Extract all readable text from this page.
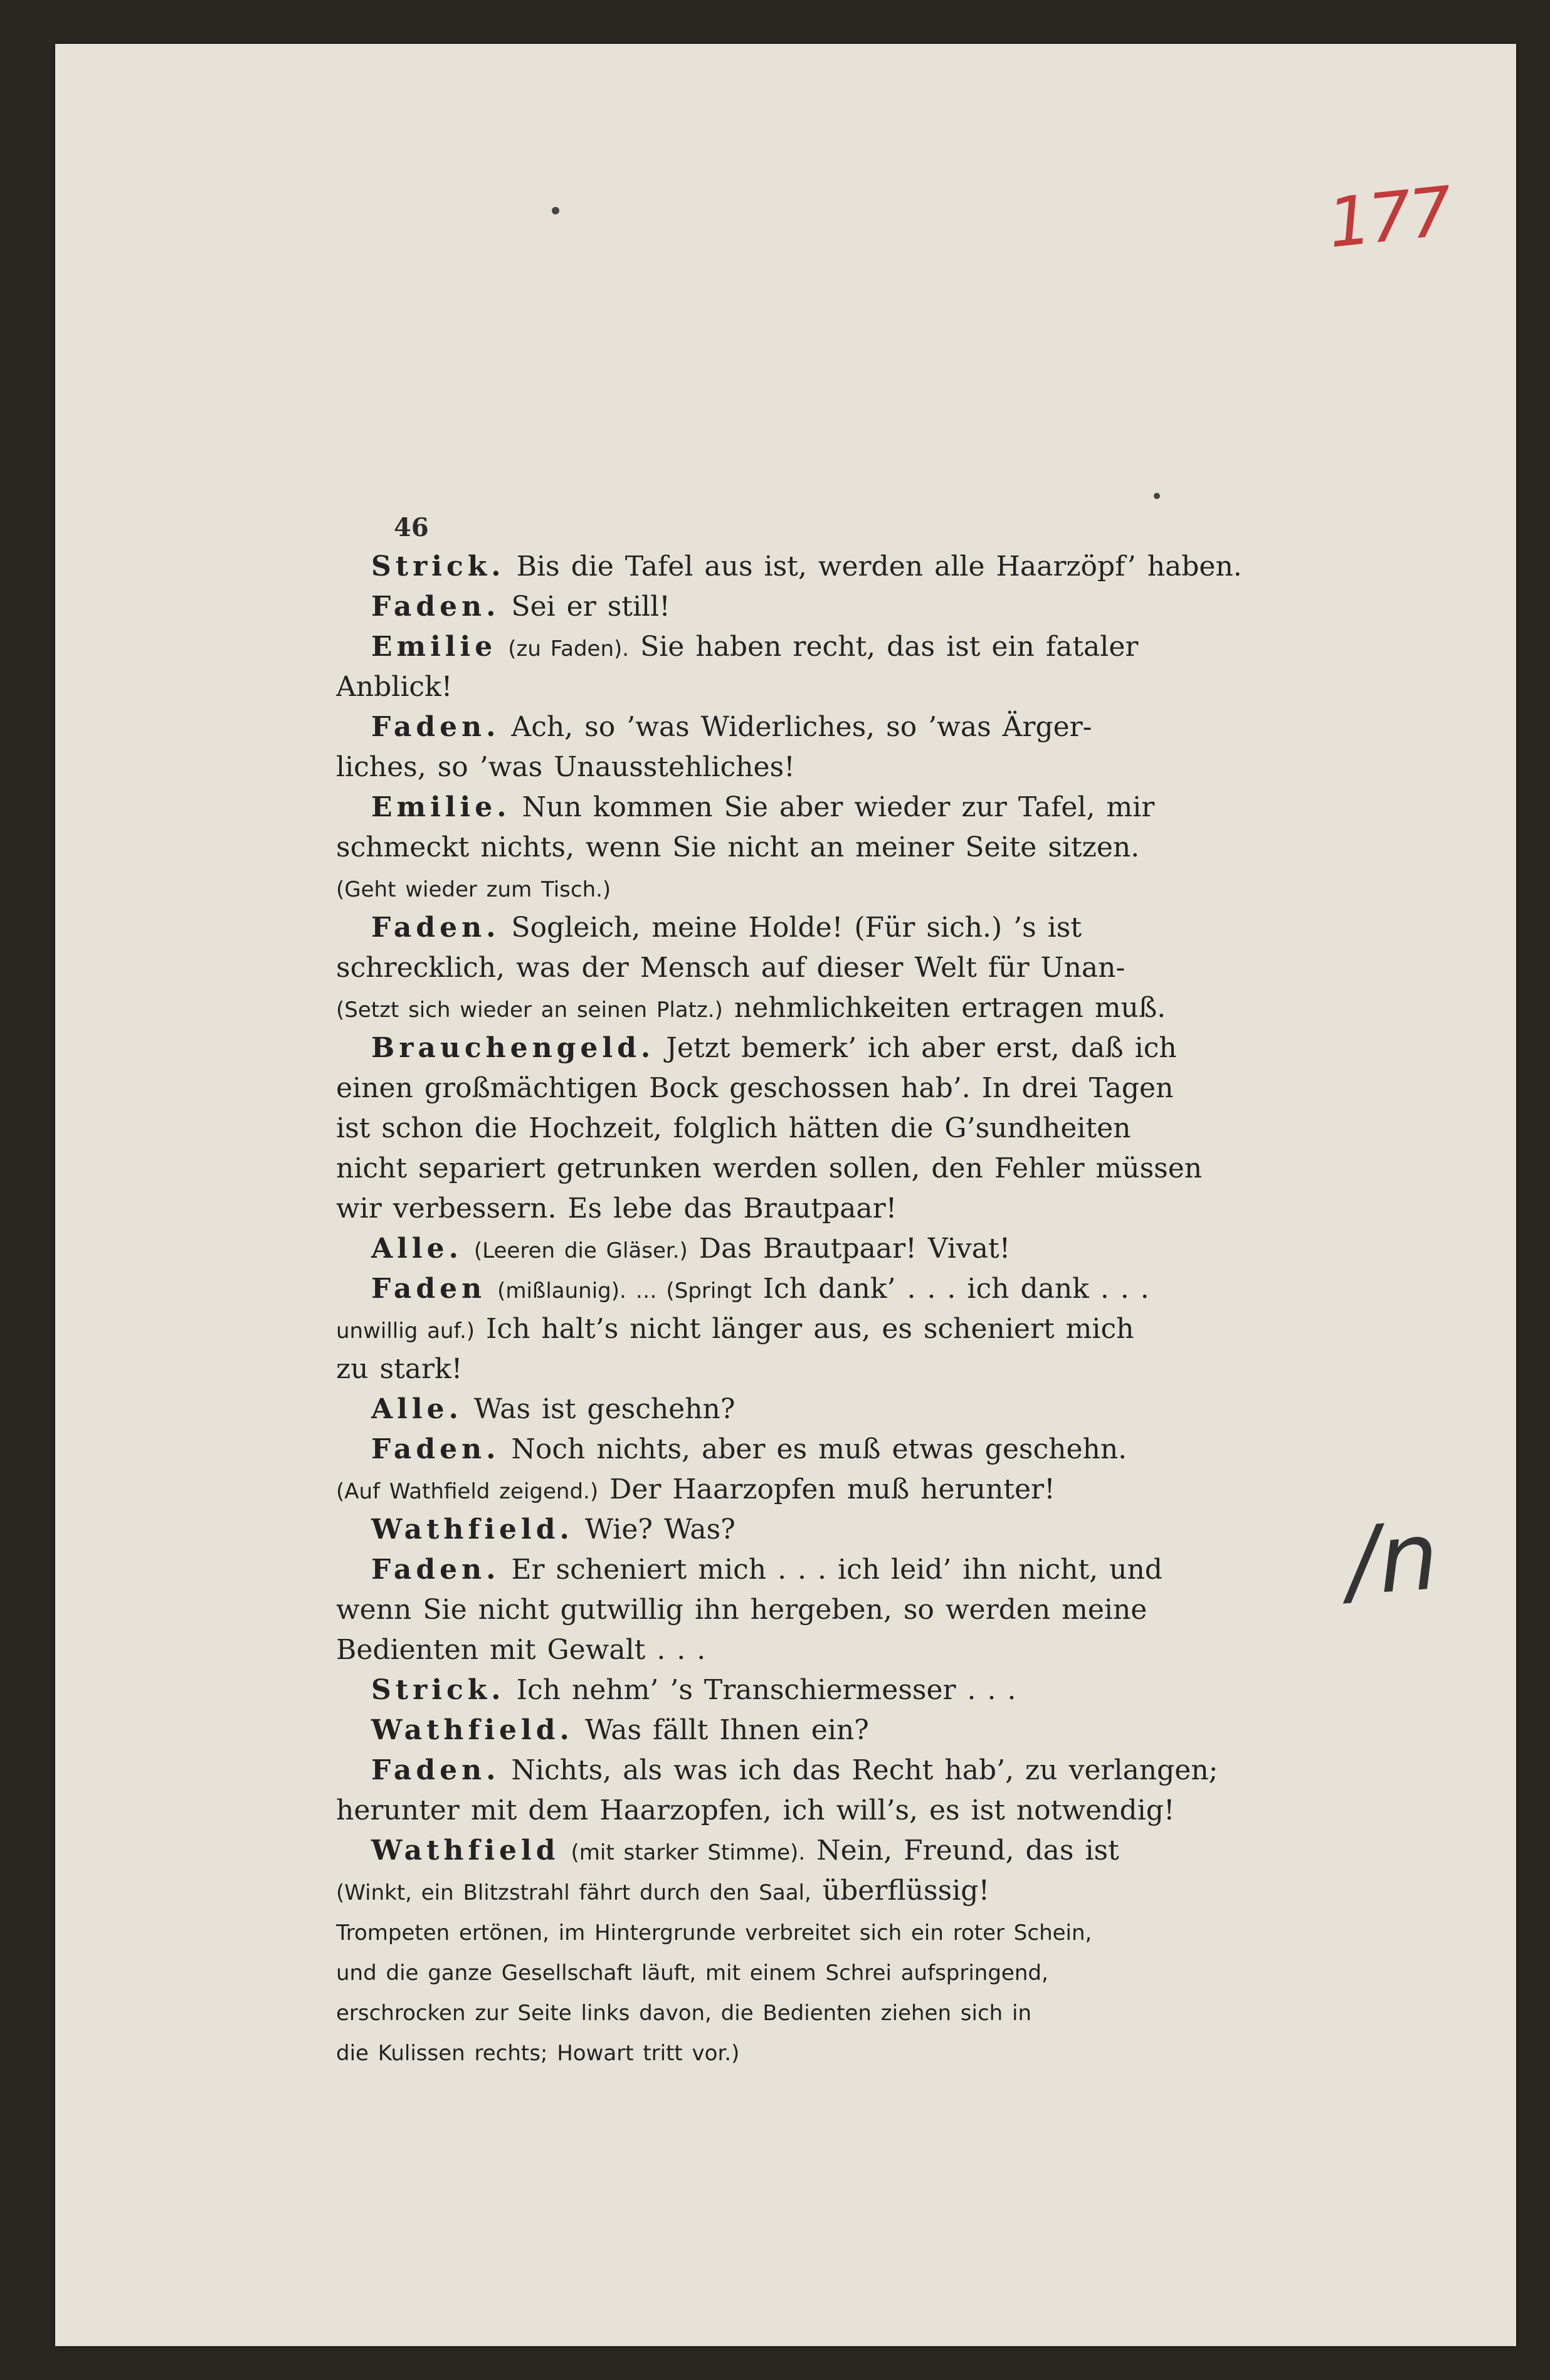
177
46
/n
Strick. Bis die Tafel aus ist, werden alle Haarzöpf’ haben.
Faden. Sei er still!
Emilie (zu Faden). Sie haben recht, das ist ein fataler
Anblick!
Faden. Ach, so ’was Widerliches, so ’was Ärger-
liches, so ’was Unausstehliches!
Emilie. Nun kommen Sie aber wieder zur Tafel, mir
schmeckt nichts, wenn Sie nicht an meiner Seite sitzen.
(Geht wieder zum Tisch.)
Faden. Sogleich, meine Holde! (Für sich.) ’s ist
schrecklich, was der Mensch auf dieser Welt für Unan-
(Setzt sich wieder an seinen Platz.) nehmlichkeiten ertragen muß.
Brauchengeld. Jetzt bemerk’ ich aber erst, daß ich
einen großmächtigen Bock geschossen hab’. In drei Tagen
ist schon die Hochzeit, folglich hätten die G’sundheiten
nicht separiert getrunken werden sollen, den Fehler müssen
wir verbessern. Es lebe das Brautpaar!
Alle. (Leeren die Gläser.) Das Brautpaar! Vivat!
Faden (mißlaunig). … (Springt Ich dank’ . . . ich dank . . .
unwillig auf.) Ich halt’s nicht länger aus, es scheniert mich
zu stark!
Alle. Was ist geschehn?
Faden. Noch nichts, aber es muß etwas geschehn.
(Auf Wathfield zeigend.) Der Haarzopfen muß herunter!
Wathfield. Wie? Was?
Faden. Er scheniert mich . . . ich leid’ ihn nicht, und
wenn Sie nicht gutwillig ihn hergeben, so werden meine
Bedienten mit Gewalt . . .
Strick. Ich nehm’ ’s Transchiermesser . . .
Wathfield. Was fällt Ihnen ein?
Faden. Nichts, als was ich das Recht hab’, zu verlangen;
herunter mit dem Haarzopfen, ich will’s, es ist notwendig!
Wathfield (mit starker Stimme). Nein, Freund, das ist
(Winkt, ein Blitzstrahl fährt durch den Saal, überflüssig!
Trompeten ertönen, im Hintergrunde verbreitet sich ein roter Schein,
und die ganze Gesellschaft läuft, mit einem Schrei aufspringend,
erschrocken zur Seite links davon, die Bedienten ziehen sich in
die Kulissen rechts; Howart tritt vor.)
